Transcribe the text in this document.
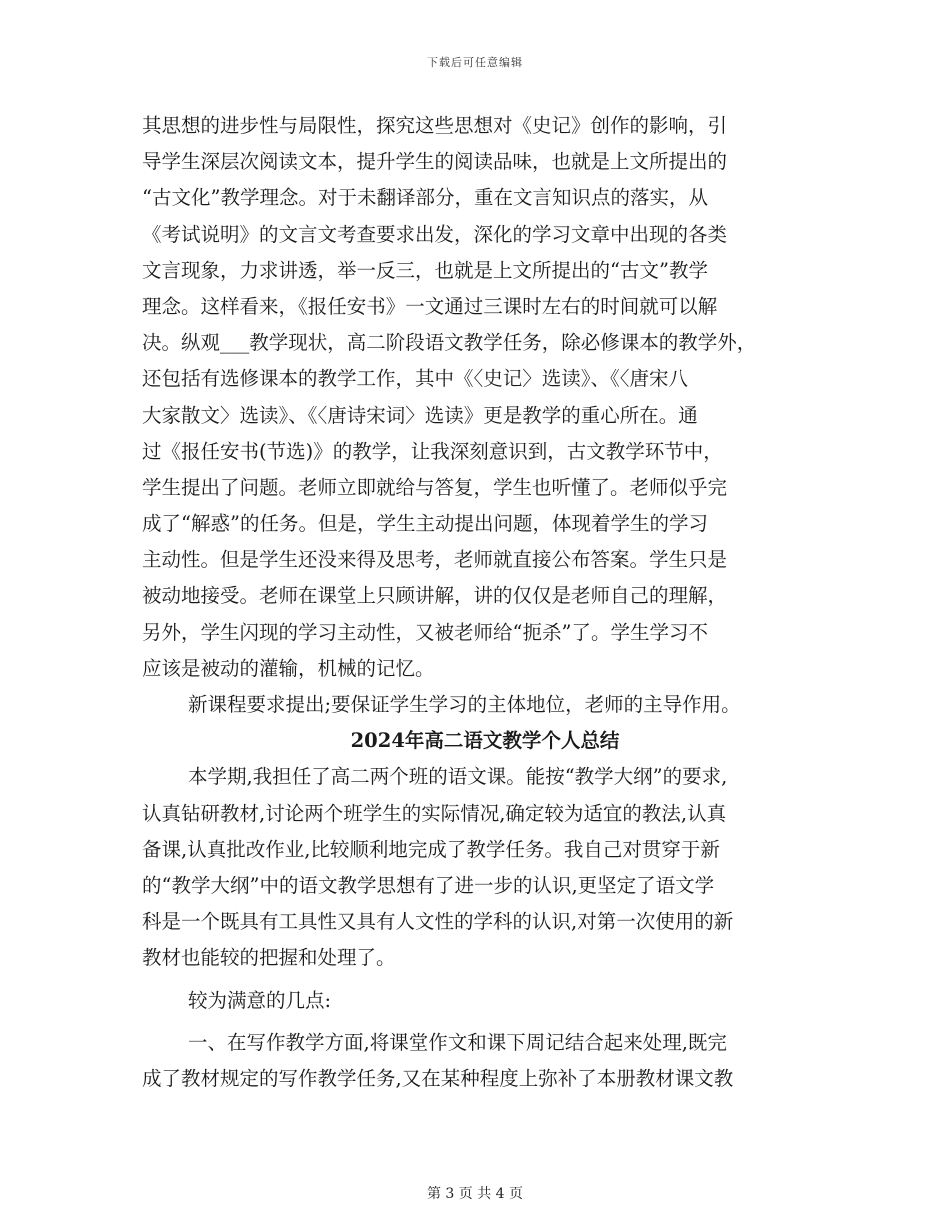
下载后可任意编辑
其思想的进步性与局限性，探究这些思想对《史记》创作的影响，引
导学生深层次阅读文本，提升学生的阅读品味，也就是上文所提出的
“古文化”教学理念。对于未翻译部分，重在文言知识点的落实，从
《考试说明》的文言文考查要求出发，深化的学习文章中出现的各类
文言现象，力求讲透，举一反三，也就是上文所提出的“古文”教学
理念。这样看来，《报任安书》一文通过三课时左右的时间就可以解
决。纵观___教学现状，高二阶段语文教学任务，除必修课本的教学外，
还包括有选修课本的教学工作，其中《〈史记〉选读》、《〈唐宋八
大家散文〉选读》、《〈唐诗宋词〉选读》更是教学的重心所在。通
过《报任安书(节选)》的教学，让我深刻意识到，古文教学环节中，
学生提出了问题。老师立即就给与答复，学生也听懂了。老师似乎完
成了“解惑”的任务。但是，学生主动提出问题，体现着学生的学习
主动性。但是学生还没来得及思考，老师就直接公布答案。学生只是
被动地接受。老师在课堂上只顾讲解，讲的仅仅是老师自己的理解，
另外，学生闪现的学习主动性，又被老师给“扼杀”了。学生学习不
应该是被动的灌输，机械的记忆。
新课程要求提出;要保证学生学习的主体地位，老师的主导作用。
2024年高二语文教学个人总结
本学期,我担任了高二两个班的语文课。能按“教学大纲”的要求,
认真钻研教材,讨论两个班学生的实际情况,确定较为适宜的教法,认真
备课,认真批改作业,比较顺利地完成了教学任务。我自己对贯穿于新
的“教学大纲”中的语文教学思想有了进一步的认识,更坚定了语文学
科是一个既具有工具性又具有人文性的学科的认识,对第一次使用的新
教材也能较的把握和处理了。
较为满意的几点:
一、在写作教学方面,将课堂作文和课下周记结合起来处理,既完
成了教材规定的写作教学任务,又在某种程度上弥补了本册教材课文教
第 3 页 共 4 页
